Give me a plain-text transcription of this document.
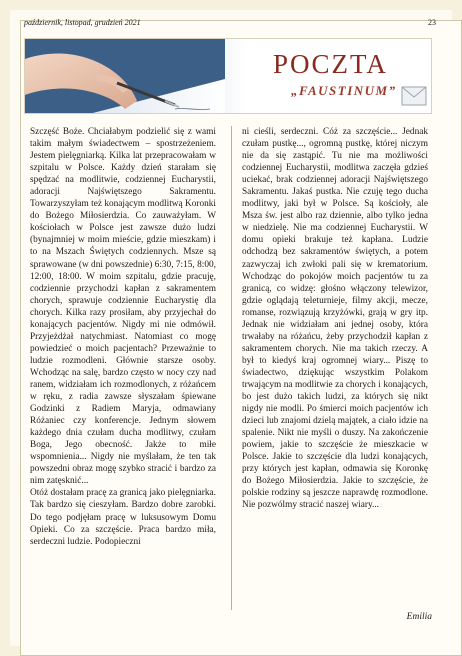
październik, listopad, grudzień 2021	23
POCZTA
„FAUSTINUM”
Szczęść Boże. Chciałabym podzielić się z wami takim małym świadectwem – spostrzeżeniem. Jestem pielęgniarką. Kilka lat przepracowałam w szpitalu w Polsce. Każdy dzień starałam się spędzać na modlitwie, codziennej Eucharystii, adoracji Najświętszego Sakramentu. Towarzyszyłam też konającym modlitwą Koronki do Bożego Miłosierdzia. Co zauważyłam. W kościołach w Polsce jest zawsze dużo ludzi (bynajmniej w moim mieście, gdzie mieszkam) i to na Mszach Świętych codziennych. Msze są sprawowane (w dni powszednie) 6:30, 7:15, 8:00, 12:00, 18:00. W moim szpitalu, gdzie pracuję, codziennie przychodzi kapłan z sakramentem chorych, sprawuje codziennie Eucharystię dla chorych. Kilka razy prosiłam, aby przyjechał do konających pacjentów. Nigdy mi nie odmówił. Przyjeżdżał natychmiast. Natomiast co mogę powiedzieć o moich pacjentach? Przeważnie to ludzie rozmodleni. Głównie starsze osoby. Wchodząc na salę, bardzo często w nocy czy nad ranem, widziałam ich rozmodlonych, z różańcem w ręku, z radia zawsze słyszałam śpiewane Godzinki z Radiem Maryja, odmawiany Różaniec czy konferencje. Jednym słowem każdego dnia czułam ducha modlitwy, czułam Boga, Jego obecność. Jakże to miłe wspomnienia... Nigdy nie myślałam, że ten tak powszedni obraz mogę szybko stracić i bardzo za nim zatęsknić...
Otóż dostałam pracę za granicą jako pielęgniarka. Tak bardzo się cieszyłam. Bardzo dobre zarobki. Do tego podjęłam pracę w luksusowym Domu Opieki. Co za szczęście. Praca bardzo miła, serdeczni ludzie. Podopieczni
ni cieśli, serdeczni. Cóż za szczęście... Jednak czułam pustkę..., ogromną pustkę, której niczym nie da się zastąpić. Tu nie ma możliwości codziennej Eucharystii, modlitwa zaczęła gdzieś uciekać, brak codziennej adoracji Najświętszego Sakramentu. Jakaś pustka. Nie czuję tego ducha modlitwy, jaki był w Polsce. Są kościoły, ale Msza św. jest albo raz dziennie, albo tylko jedna w niedzielę. Nie ma codziennej Eucharystii. W domu opieki brakuje też kapłana. Ludzie odchodzą bez sakramentów świętych, a potem zazwyczaj ich zwłoki pali się w krematorium. Wchodząc do pokojów moich pacjentów tu za granicą, co widzę: głośno włączony telewizor, gdzie oglądają teleturnieje, filmy akcji, mecze, romanse, rozwiązują krzyżówki, grają w gry itp. Jednak nie widziałam ani jednej osoby, która trwałaby na różańcu, żeby przychodził kapłan z sakramentem chorych. Nie ma takich rzeczy. A był to kiedyś kraj ogromnej wiary... Piszę to świadectwo, dziękując wszystkim Polakom trwającym na modlitwie za chorych i konających, bo jest dużo takich ludzi, za których się nikt nigdy nie modli. Po śmierci moich pacjentów ich dzieci lub znajomi dzielą majątek, a ciało idzie na spalenie. Nikt nie myśli o duszy. Na zakończenie powiem, jakie to szczęście że mieszkacie w Polsce. Jakie to szczęście dla ludzi konających, przy których jest kapłan, odmawia się Koronkę do Bożego Miłosierdzia. Jakie to szczęście, że polskie rodziny są jeszcze naprawdę rozmodlone. Nie pozwólmy stracić naszej wiary...
Emilia
